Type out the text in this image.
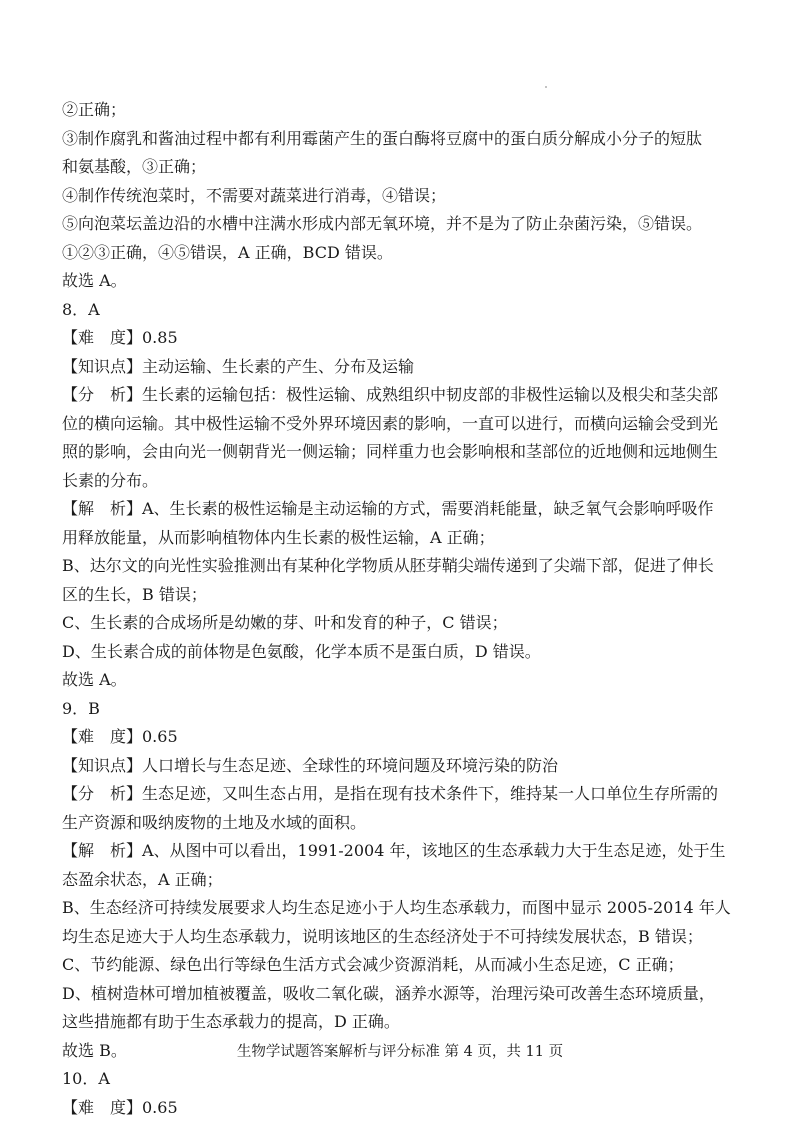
②正确；

③制作腐乳和酱油过程中都有利用霉菌产生的蛋白酶将豆腐中的蛋白质分解成小分子的短肽

和氨基酸，③正确；

④制作传统泡菜时，不需要对蔬菜进行消毒，④错误；

⑤向泡菜坛盖边沿的水槽中注满水形成内部无氧环境，并不是为了防止杂菌污染，⑤错误。

①②③正确，④⑤错误，A 正确，BCD 错误。

故选 A。

8．A

【难　度】0.85

【知识点】主动运输、生长素的产生、分布及运输

【分　析】生长素的运输包括：极性运输、成熟组织中韧皮部的非极性运输以及根尖和茎尖部

位的横向运输。其中极性运输不受外界环境因素的影响，一直可以进行，而横向运输会受到光

照的影响，会由向光一侧朝背光一侧运输；同样重力也会影响根和茎部位的近地侧和远地侧生

长素的分布。

【解　析】A、生长素的极性运输是主动运输的方式，需要消耗能量，缺乏氧气会影响呼吸作

用释放能量，从而影响植物体内生长素的极性运输，A 正确；

B、达尔文的向光性实验推测出有某种化学物质从胚芽鞘尖端传递到了尖端下部，促进了伸长

区的生长，B 错误；

C、生长素的合成场所是幼嫩的芽、叶和发育的种子，C 错误；

D、生长素合成的前体物是色氨酸，化学本质不是蛋白质，D 错误。

故选 A。

9．B

【难　度】0.65

【知识点】人口增长与生态足迹、全球性的环境问题及环境污染的防治

【分　析】生态足迹，又叫生态占用，是指在现有技术条件下，维持某一人口单位生存所需的

生产资源和吸纳废物的土地及水域的面积。

【解　析】A、从图中可以看出，1991-2004 年，该地区的生态承载力大于生态足迹，处于生

态盈余状态，A 正确；

B、生态经济可持续发展要求人均生态足迹小于人均生态承载力，而图中显示 2005-2014 年人

均生态足迹大于人均生态承载力，说明该地区的生态经济处于不可持续发展状态，B 错误；

C、节约能源、绿色出行等绿色生活方式会减少资源消耗，从而减小生态足迹，C 正确；

D、植树造林可增加植被覆盖，吸收二氧化碳，涵养水源等，治理污染可改善生态环境质量，

这些措施都有助于生态承载力的提高，D 正确。

故选 B。

10．A

【难　度】0.65

生物学试题答案解析与评分标准 第 4 页，共 11 页
